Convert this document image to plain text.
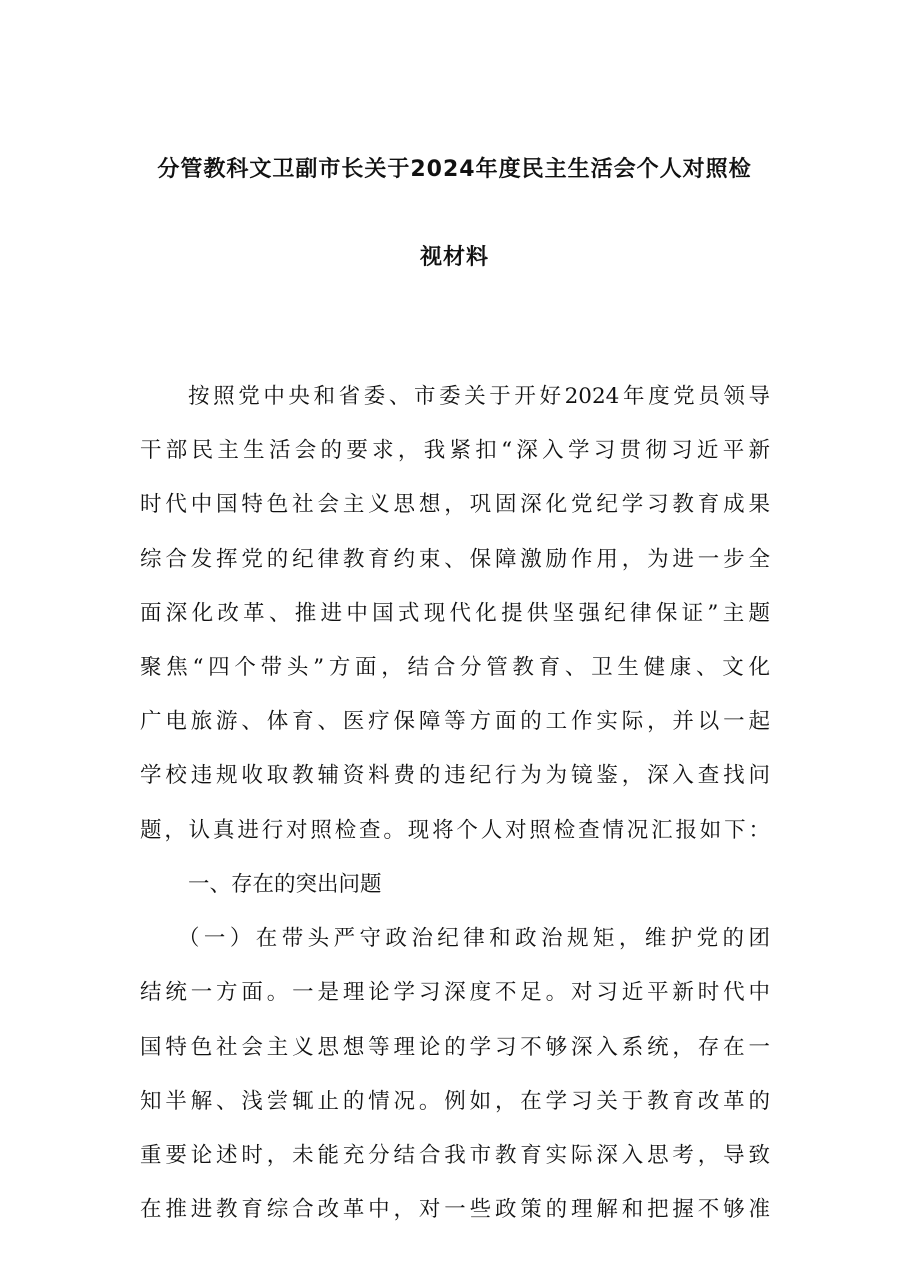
分管教科文卫副市长关于2024年度民主生活会个人对照检
视材料
按照党中央和省委、市委关于开好2024年度党员领导
干部民主生活会的要求，我紧扣“深入学习贯彻习近平新
时代中国特色社会主义思想，巩固深化党纪学习教育成果
综合发挥党的纪律教育约束、保障激励作用，为进一步全
面深化改革、推进中国式现代化提供坚强纪律保证”主题
聚焦“四个带头”方面，结合分管教育、卫生健康、文化
广电旅游、体育、医疗保障等方面的工作实际，并以一起
学校违规收取教辅资料费的违纪行为为镜鉴，深入查找问
题，认真进行对照检查。现将个人对照检查情况汇报如下：
一、存在的突出问题
（一）在带头严守政治纪律和政治规矩，维护党的团
结统一方面。一是理论学习深度不足。对习近平新时代中
国特色社会主义思想等理论的学习不够深入系统，存在一
知半解、浅尝辄止的情况。例如，在学习关于教育改革的
重要论述时，未能充分结合我市教育实际深入思考，导致
在推进教育综合改革中，对一些政策的理解和把握不够准
